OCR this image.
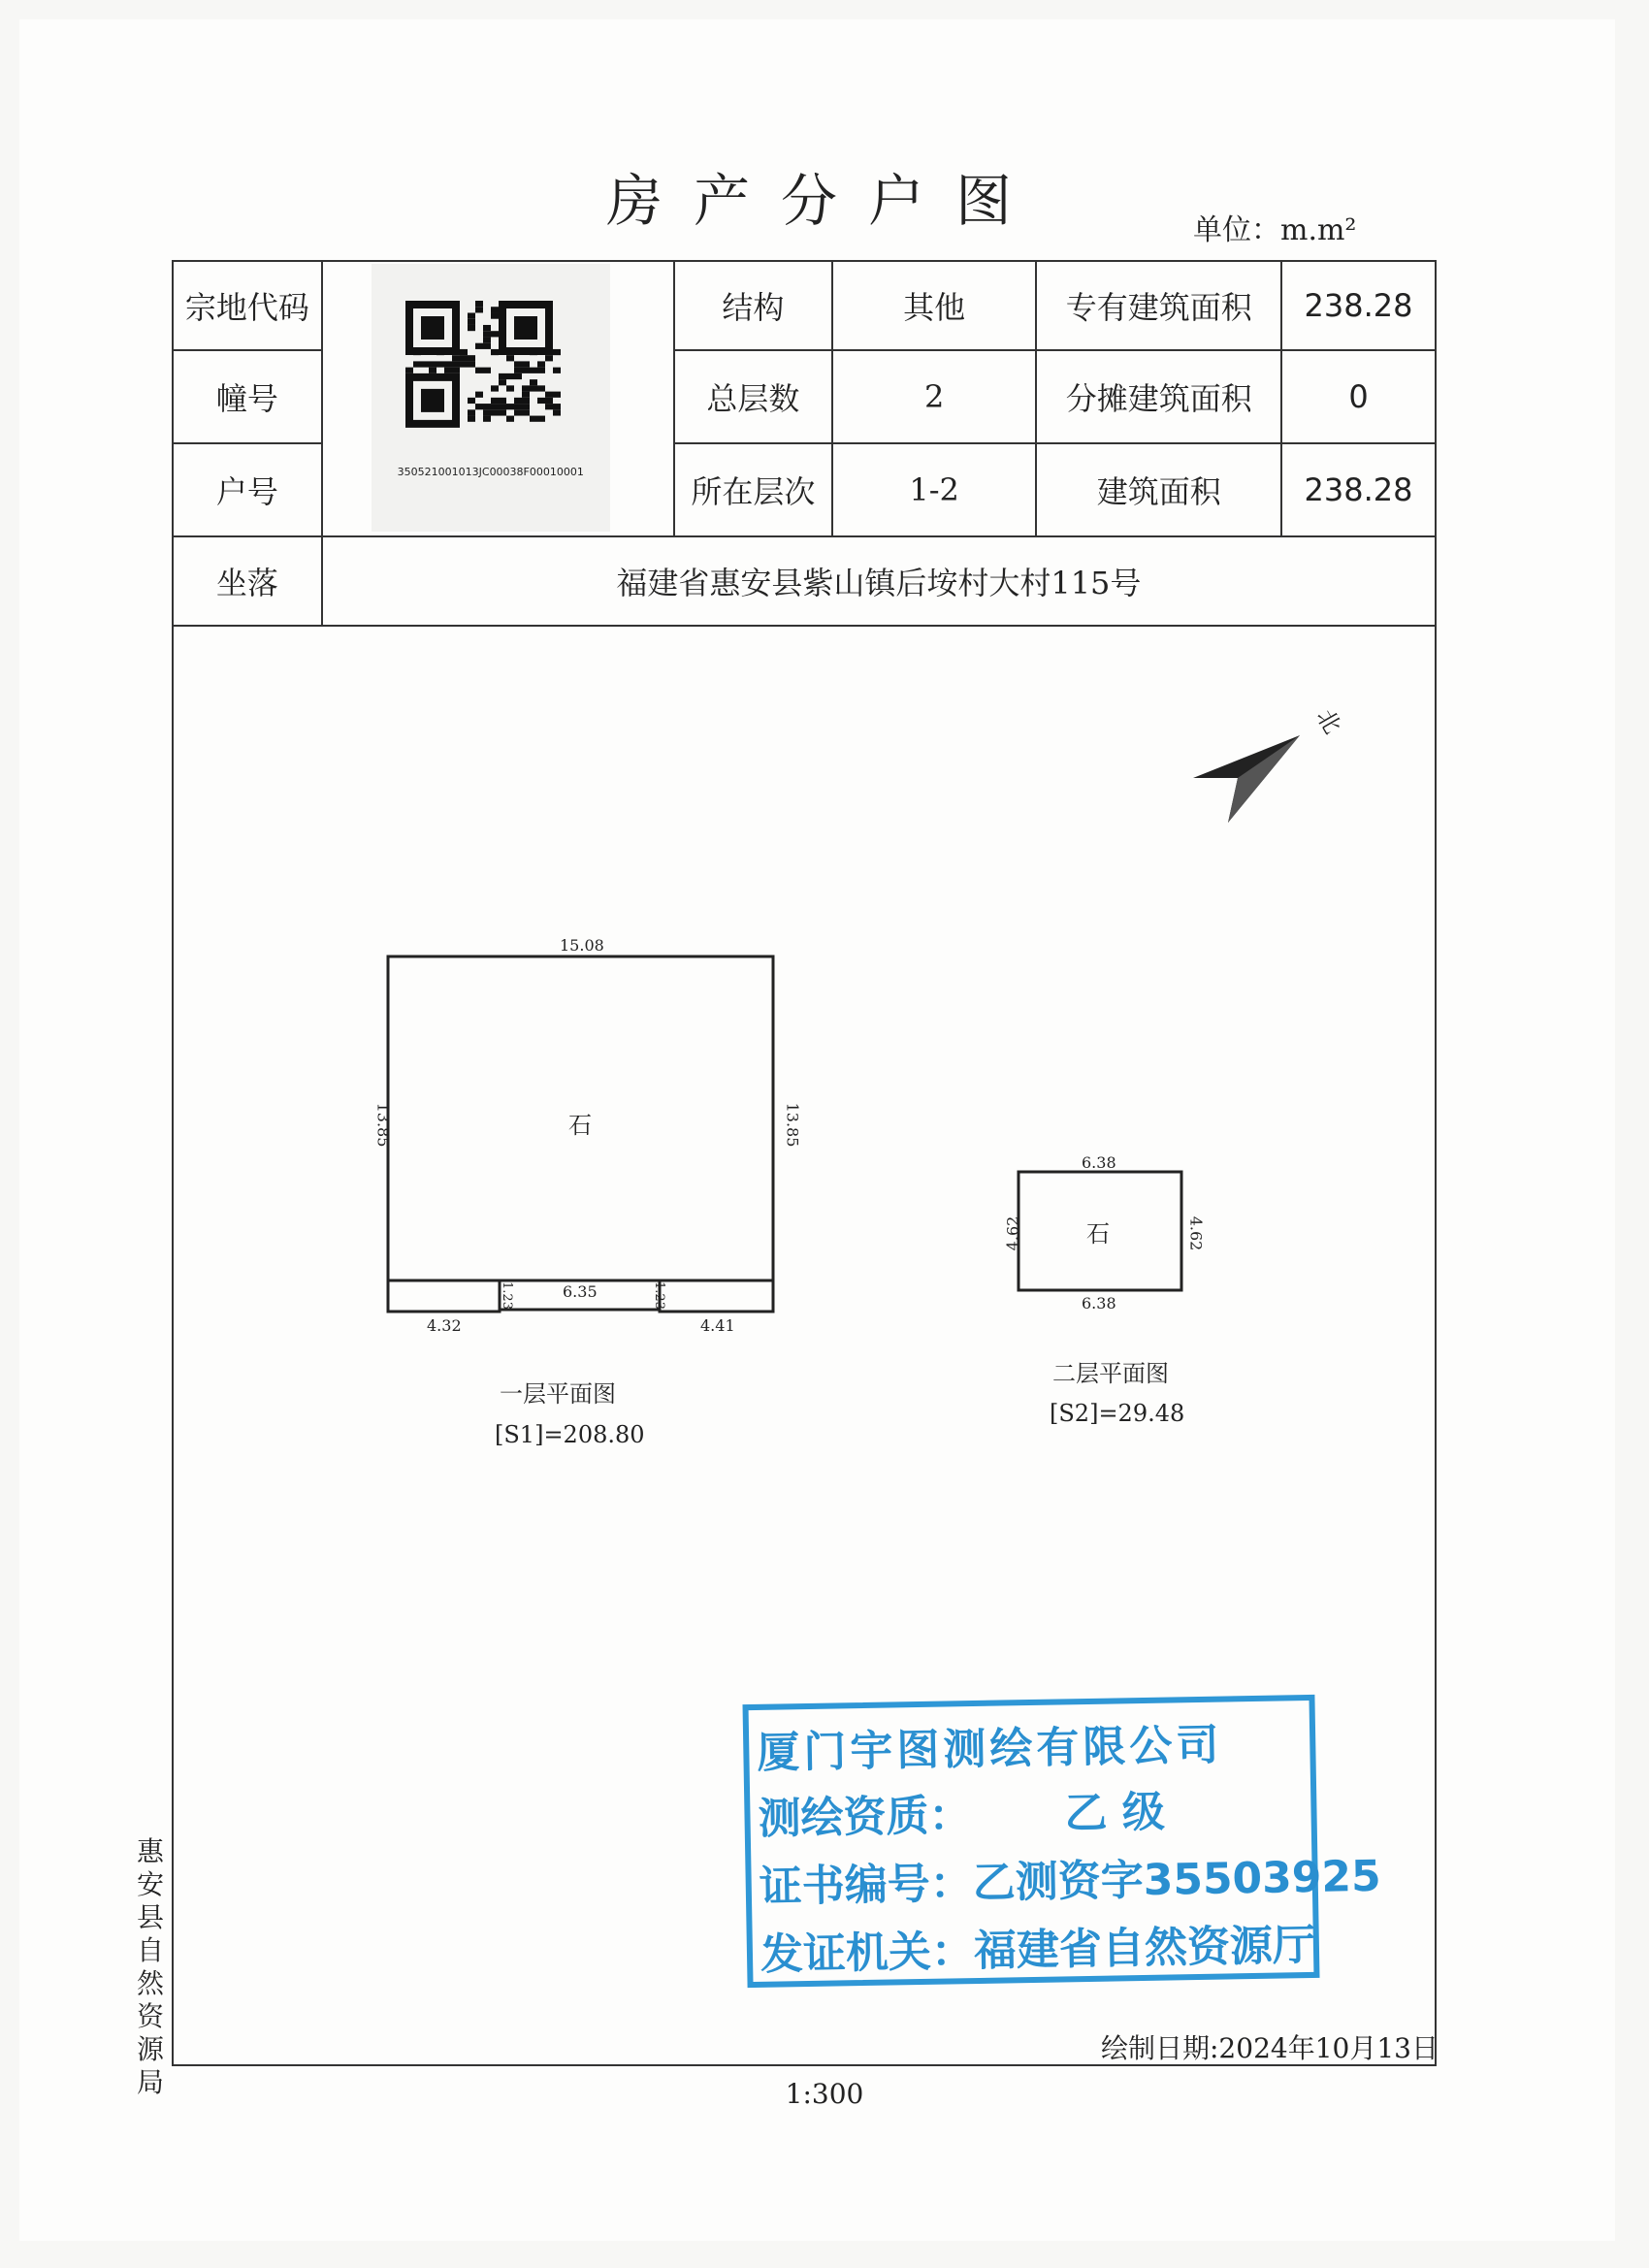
房产分户图	单位：m.m²
宗地代码	350521001013JC00038F00010001	结构	其他	专有建筑面积	238.28
幢号		总层数	2	分摊建筑面积	0
户号		所在层次	1-2	建筑面积	238.28
坐落	福建省惠安县紫山镇后垵村大村115号				
北
15.08
13.85	13.85
石
6.35
1.23	1.23
4.32	4.41
一层平面图
[S1]=208.80
6.38
6.38
4.62	4.62
石
二层平面图
[S2]=29.48
厦门宇图测绘有限公司
测绘资质： 乙 级
证书编号：乙测资字35503925
发证机关：福建省自然资源厅
惠安县自然资源局
绘制日期:2024年10月13日
1:300
